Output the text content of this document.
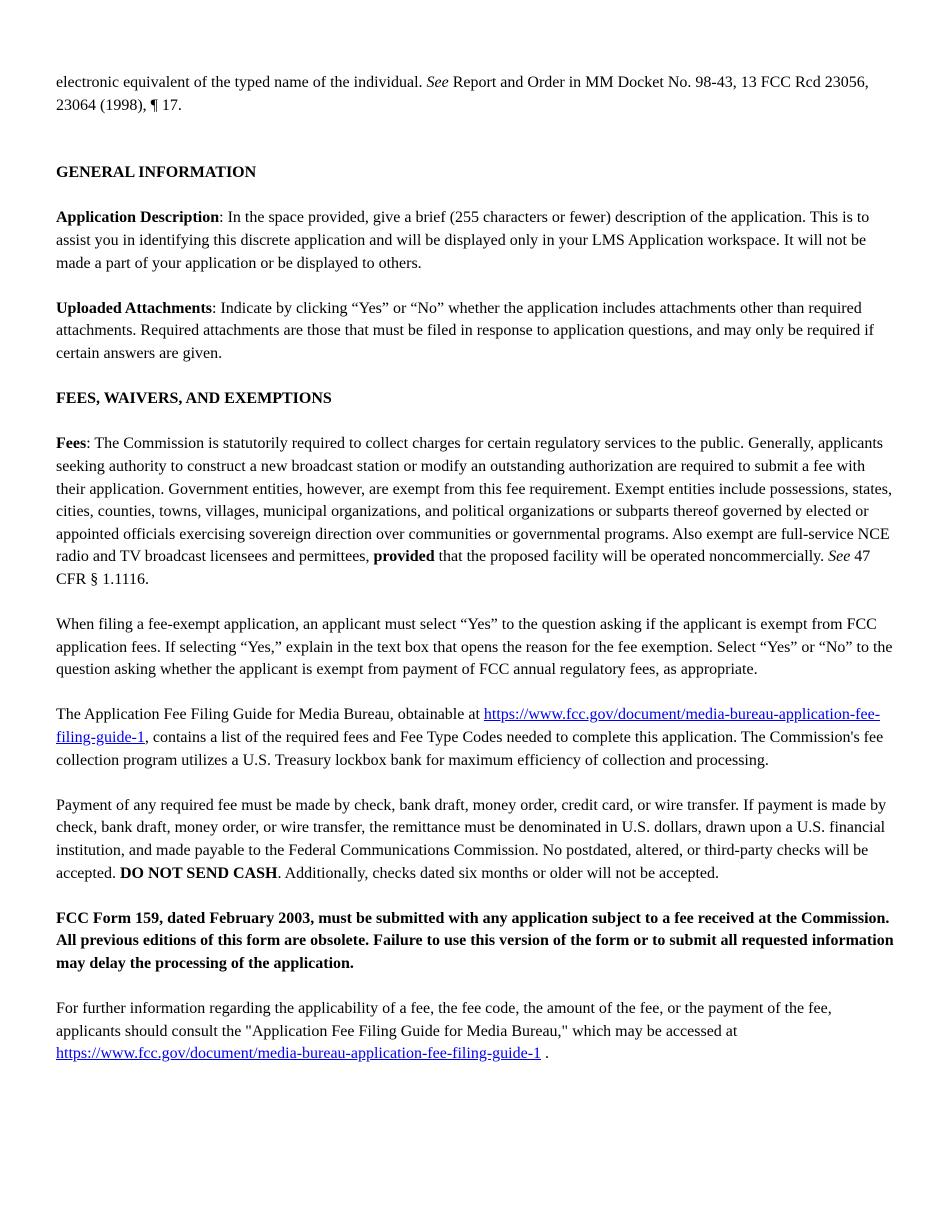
electronic equivalent of the typed name of the individual. See Report and Order in MM Docket No. 98-43, 13 FCC Rcd 23056, 23064 (1998), ¶ 17.

GENERAL INFORMATION

Application Description: In the space provided, give a brief (255 characters or fewer) description of the application. This is to assist you in identifying this discrete application and will be displayed only in your LMS Application workspace. It will not be made a part of your application or be displayed to others.

Uploaded Attachments: Indicate by clicking “Yes” or “No” whether the application includes attachments other than required attachments. Required attachments are those that must be filed in response to application questions, and may only be required if certain answers are given.

FEES, WAIVERS, AND EXEMPTIONS

Fees: The Commission is statutorily required to collect charges for certain regulatory services to the public. Generally, applicants seeking authority to construct a new broadcast station or modify an outstanding authorization are required to submit a fee with their application. Government entities, however, are exempt from this fee requirement. Exempt entities include possessions, states, cities, counties, towns, villages, municipal organizations, and political organizations or subparts thereof governed by elected or appointed officials exercising sovereign direction over communities or governmental programs. Also exempt are full-service NCE radio and TV broadcast licensees and permittees, provided that the proposed facility will be operated noncommercially. See 47 CFR § 1.1116.

When filing a fee-exempt application, an applicant must select “Yes” to the question asking if the applicant is exempt from FCC application fees. If selecting “Yes,” explain in the text box that opens the reason for the fee exemption. Select “Yes” or “No” to the question asking whether the applicant is exempt from payment of FCC annual regulatory fees, as appropriate.

The Application Fee Filing Guide for Media Bureau, obtainable at https://www.fcc.gov/document/media-bureau-application-fee-filing-guide-1, contains a list of the required fees and Fee Type Codes needed to complete this application. The Commission's fee collection program utilizes a U.S. Treasury lockbox bank for maximum efficiency of collection and processing.

Payment of any required fee must be made by check, bank draft, money order, credit card, or wire transfer. If payment is made by check, bank draft, money order, or wire transfer, the remittance must be denominated in U.S. dollars, drawn upon a U.S. financial institution, and made payable to the Federal Communications Commission. No postdated, altered, or third-party checks will be accepted. DO NOT SEND CASH. Additionally, checks dated six months or older will not be accepted.

FCC Form 159, dated February 2003, must be submitted with any application subject to a fee received at the Commission. All previous editions of this form are obsolete. Failure to use this version of the form or to submit all requested information may delay the processing of the application.

For further information regarding the applicability of a fee, the fee code, the amount of the fee, or the payment of the fee, applicants should consult the "Application Fee Filing Guide for Media Bureau," which may be accessed at https://www.fcc.gov/document/media-bureau-application-fee-filing-guide-1 .
